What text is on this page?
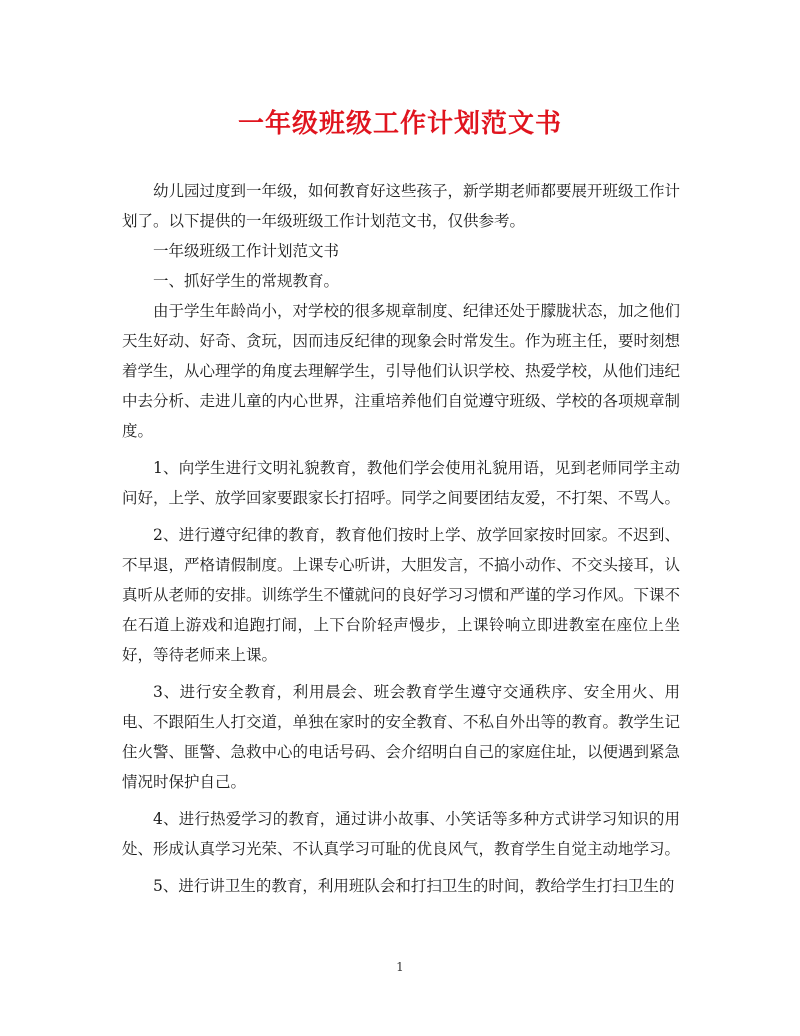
一年级班级工作计划范文书

幼儿园过度到一年级，如何教育好这些孩子，新学期老师都要展开班级工作计划了。以下提供的一年级班级工作计划范文书，仅供参考。

一年级班级工作计划范文书

一、抓好学生的常规教育。

由于学生年龄尚小，对学校的很多规章制度、纪律还处于朦胧状态，加之他们天生好动、好奇、贪玩，因而违反纪律的现象会时常发生。作为班主任，要时刻想着学生，从心理学的角度去理解学生，引导他们认识学校、热爱学校，从他们违纪中去分析、走进儿童的内心世界，注重培养他们自觉遵守班级、学校的各项规章制度。

1、向学生进行文明礼貌教育，教他们学会使用礼貌用语，见到老师同学主动问好，上学、放学回家要跟家长打招呼。同学之间要团结友爱，不打架、不骂人。

2、进行遵守纪律的教育，教育他们按时上学、放学回家按时回家。不迟到、不早退，严格请假制度。上课专心听讲，大胆发言，不搞小动作、不交头接耳，认真听从老师的安排。训练学生不懂就问的良好学习习惯和严谨的学习作风。下课不在石道上游戏和追跑打闹，上下台阶轻声慢步，上课铃响立即进教室在座位上坐好，等待老师来上课。

3、进行安全教育，利用晨会、班会教育学生遵守交通秩序、安全用火、用电、不跟陌生人打交道，单独在家时的安全教育、不私自外出等的教育。教学生记住火警、匪警、急救中心的电话号码、会介绍明白自己的家庭住址，以便遇到紧急情况时保护自己。

4、进行热爱学习的教育，通过讲小故事、小笑话等多种方式讲学习知识的用处、形成认真学习光荣、不认真学习可耻的优良风气，教育学生自觉主动地学习。

5、进行讲卫生的教育，利用班队会和打扫卫生的时间，教给学生打扫卫生的

1
